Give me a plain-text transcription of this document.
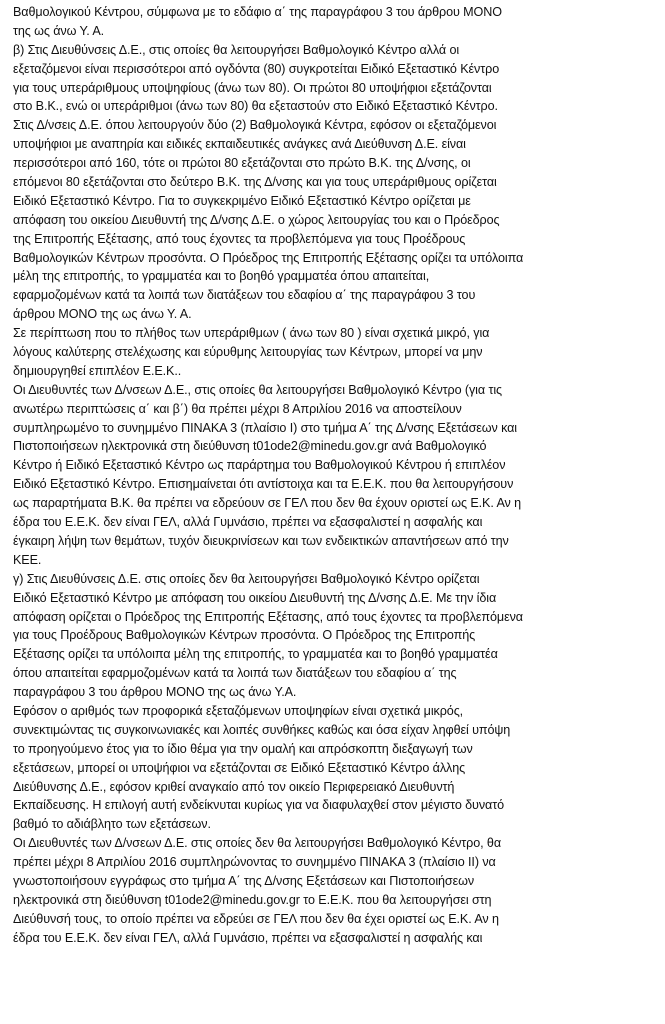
Βαθμολογικού Κέντρου, σύμφωνα με το εδάφιο α΄ της παραγράφου 3 του άρθρου ΜΟΝΟ
της ως άνω Υ. Α.
β) Στις Διευθύνσεις Δ.Ε., στις οποίες θα λειτουργήσει Βαθμολογικό Κέντρο αλλά οι
εξεταζόμενοι είναι περισσότεροι από ογδόντα (80) συγκροτείται Ειδικό Εξεταστικό Κέντρο
για τους υπεράριθμους υποψηφίους (άνω των 80). Οι πρώτοι 80 υποψήφιοι εξετάζονται
στο Β.Κ., ενώ οι υπεράριθμοι (άνω των 80) θα εξεταστούν στο Ειδικό Εξεταστικό Κέντρο.
Στις Δ/νσεις Δ.Ε. όπου λειτουργούν δύο (2) Βαθμολογικά Κέντρα, εφόσον οι εξεταζόμενοι
υποψήφιοι με αναπηρία και ειδικές εκπαιδευτικές ανάγκες ανά Διεύθυνση Δ.Ε. είναι
περισσότεροι από 160, τότε οι πρώτοι 80 εξετάζονται στο πρώτο Β.Κ. της Δ/νσης, οι
επόμενοι 80 εξετάζονται στο δεύτερο Β.Κ. της Δ/νσης και για τους υπεράριθμους ορίζεται
Ειδικό Εξεταστικό Κέντρο. Για το συγκεκριμένο Ειδικό Εξεταστικό Κέντρο ορίζεται με
απόφαση του οικείου Διευθυντή της Δ/νσης Δ.Ε. ο χώρος λειτουργίας του και ο Πρόεδρος
της Επιτροπής Εξέτασης, από τους έχοντες τα προβλεπόμενα για τους Προέδρους
Βαθμολογικών Κέντρων προσόντα. Ο Πρόεδρος της Επιτροπής Εξέτασης ορίζει τα υπόλοιπα
μέλη της επιτροπής, το γραμματέα και το βοηθό γραμματέα όπου απαιτείται,
εφαρμοζομένων κατά τα λοιπά των διατάξεων του εδαφίου α΄ της παραγράφου 3 του
άρθρου ΜΟΝΟ της ως άνω Υ. Α.
Σε περίπτωση που το πλήθος των υπεράριθμων ( άνω των 80 ) είναι σχετικά μικρό, για
λόγους καλύτερης στελέχωσης και εύρυθμης λειτουργίας των Κέντρων, μπορεί να μην
δημιουργηθεί επιπλέον Ε.Ε.Κ..
Οι Διευθυντές των Δ/νσεων Δ.Ε., στις οποίες θα λειτουργήσει Βαθμολογικό Κέντρο (για τις
ανωτέρω περιπτώσεις α΄ και β΄) θα πρέπει μέχρι 8 Απριλίου 2016 να αποστείλουν
συμπληρωμένο το συνημμένο ΠΙΝΑΚΑ 3 (πλαίσιο Ι) στο τμήμα Α΄ της Δ/νσης Εξετάσεων και
Πιστοποιήσεων ηλεκτρονικά στη διεύθυνση t01ode2@minedu.gov.gr ανά Βαθμολογικό
Κέντρο ή Ειδικό Εξεταστικό Κέντρο ως παράρτημα του Βαθμολογικού Κέντρου ή επιπλέον
Ειδικό Εξεταστικό Κέντρο. Επισημαίνεται ότι αντίστοιχα και τα Ε.Ε.Κ. που θα λειτουργήσουν
ως παραρτήματα Β.Κ. θα πρέπει να εδρεύουν σε ΓΕΛ που δεν θα έχουν οριστεί ως Ε.Κ. Αν η
έδρα του Ε.Ε.Κ. δεν είναι ΓΕΛ, αλλά Γυμνάσιο, πρέπει να εξασφαλιστεί η ασφαλής και
έγκαιρη λήψη των θεμάτων, τυχόν διευκρινίσεων και των ενδεικτικών απαντήσεων από την
ΚΕΕ.
γ) Στις Διευθύνσεις Δ.Ε. στις οποίες δεν θα λειτουργήσει Βαθμολογικό Κέντρο ορίζεται
Ειδικό Εξεταστικό Κέντρο με απόφαση του οικείου Διευθυντή της Δ/νσης Δ.Ε. Με την ίδια
απόφαση ορίζεται ο Πρόεδρος της Επιτροπής Εξέτασης, από τους έχοντες τα προβλεπόμενα
για τους Προέδρους Βαθμολογικών Κέντρων προσόντα. Ο Πρόεδρος της Επιτροπής
Εξέτασης ορίζει τα υπόλοιπα μέλη της επιτροπής, το γραμματέα και το βοηθό γραμματέα
όπου απαιτείται εφαρμοζομένων κατά τα λοιπά των διατάξεων του εδαφίου α΄ της
παραγράφου 3 του άρθρου ΜΟΝΟ της ως άνω Υ.Α.
Εφόσον ο αριθμός των προφορικά εξεταζόμενων υποψηφίων είναι σχετικά μικρός,
συνεκτιμώντας τις συγκοινωνιακές και λοιπές συνθήκες καθώς και όσα είχαν ληφθεί υπόψη
το προηγούμενο έτος για το ίδιο θέμα για την ομαλή και απρόσκοπτη διεξαγωγή των
εξετάσεων, μπορεί οι υποψήφιοι να εξετάζονται σε Ειδικό Εξεταστικό Κέντρο άλλης
Διεύθυνσης Δ.Ε., εφόσον κριθεί αναγκαίο από τον οικείο Περιφερειακό Διευθυντή
Εκπαίδευσης. Η επιλογή αυτή ενδείκνυται κυρίως για να διαφυλαχθεί στον μέγιστο δυνατό
βαθμό το αδιάβλητο των εξετάσεων.
Οι Διευθυντές των Δ/νσεων Δ.Ε. στις οποίες δεν θα λειτουργήσει Βαθμολογικό Κέντρο, θα
πρέπει μέχρι 8 Απριλίου 2016 συμπληρώνοντας το συνημμένο ΠΙΝΑΚΑ 3 (πλαίσιο ΙΙ) να
γνωστοποιήσουν εγγράφως στο τμήμα Α΄ της Δ/νσης Εξετάσεων και Πιστοποιήσεων
ηλεκτρονικά στη διεύθυνση t01ode2@minedu.gov.gr το Ε.Ε.Κ. που θα λειτουργήσει στη
Διεύθυνσή τους, το οποίο πρέπει να εδρεύει σε ΓΕΛ που δεν θα έχει οριστεί ως Ε.Κ. Αν η
έδρα του Ε.Ε.Κ. δεν είναι ΓΕΛ, αλλά Γυμνάσιο, πρέπει να εξασφαλιστεί η ασφαλής και
